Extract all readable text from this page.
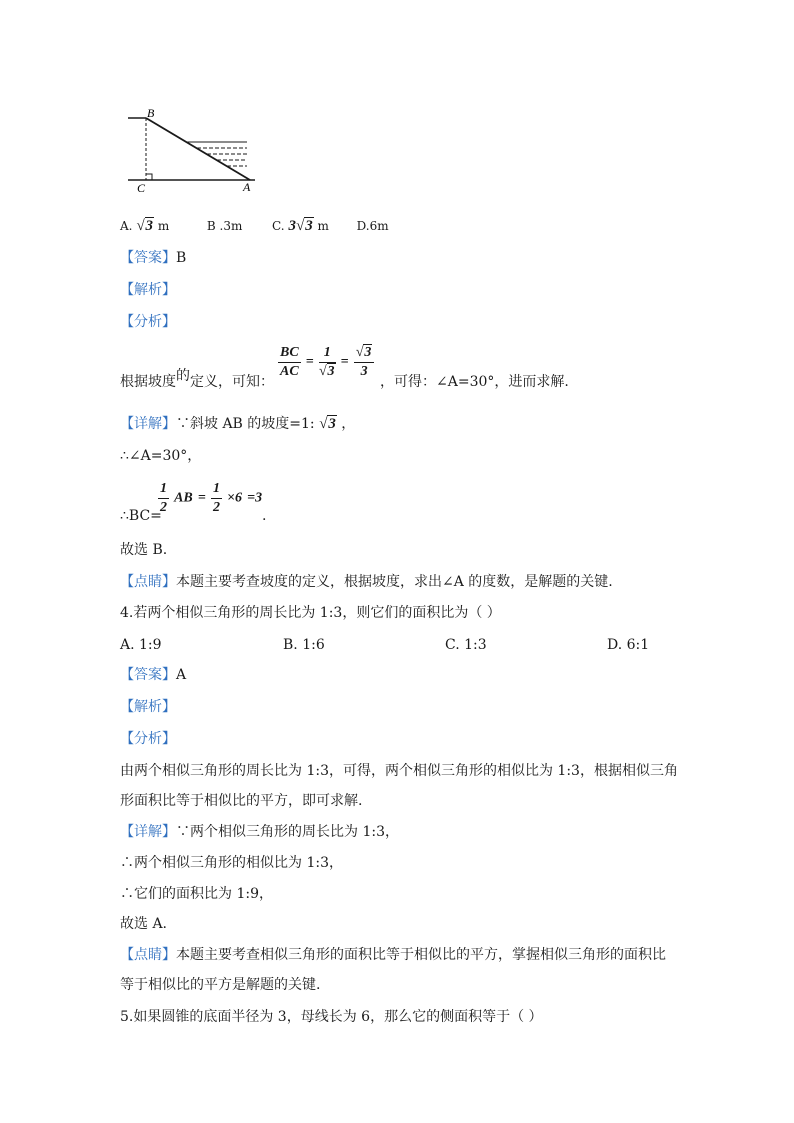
B
C	A
A. √3 m	B .3m C. 3√3 m D.6m
【答案】B
【解析】
【分析】
根据坡度的定义，可知：
$\frac{BC}{AC} = \frac{1}{√3} = \frac{√3}{3}$
，可得：∠A=30°，进而求解.
【详解】∵斜坡 AB 的坡度=1: √3 ，
∴∠A=30°，
∴BC=
$\frac{1}{2}$ AB = $\frac{1}{2} \times 6 =3$
.
故选 B.
【点睛】本题主要考查坡度的定义，根据坡度，求出∠A 的度数，是解题的关键.
4.若两个相似三角形的周长比为 1:3，则它们的面积比为（ ）
A. 1:9	B. 1:6	C. 1:3	D. 6:1
【答案】A
【解析】
【分析】
由两个相似三角形的周长比为 1:3，可得，两个相似三角形的相似比为 1:3，根据相似三角
形面积比等于相似比的平方，即可求解.
【详解】∵两个相似三角形的周长比为 1:3，
∴两个相似三角形的相似比为 1:3，
∴它们的面积比为 1:9，
故选 A.
【点睛】本题主要考查相似三角形的面积比等于相似比的平方，掌握相似三角形的面积比
等于相似比的平方是解题的关键.
5.如果圆锥的底面半径为 3，母线长为 6，那么它的侧面积等于（ ）
